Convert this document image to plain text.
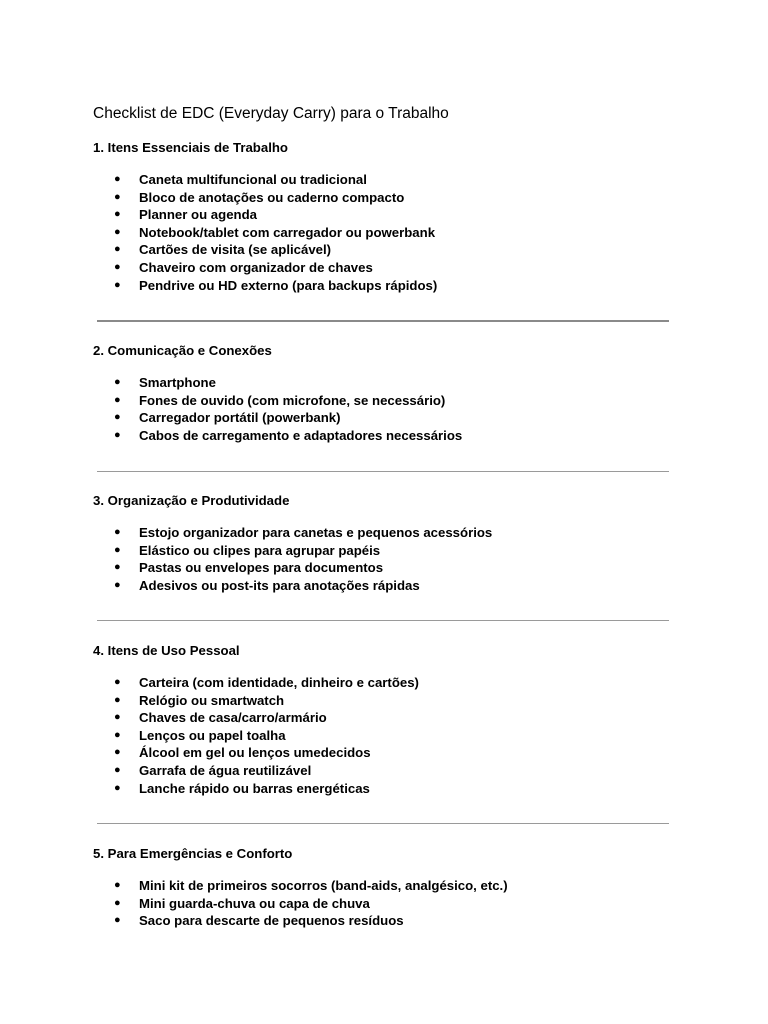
Checklist de EDC (Everyday Carry) para o Trabalho
1. Itens Essenciais de Trabalho
● Caneta multifuncional ou tradicional
● Bloco de anotações ou caderno compacto
● Planner ou agenda
● Notebook/tablet com carregador ou powerbank
● Cartões de visita (se aplicável)
● Chaveiro com organizador de chaves
● Pendrive ou HD externo (para backups rápidos)
2. Comunicação e Conexões
● Smartphone
● Fones de ouvido (com microfone, se necessário)
● Carregador portátil (powerbank)
● Cabos de carregamento e adaptadores necessários
3. Organização e Produtividade
● Estojo organizador para canetas e pequenos acessórios
● Elástico ou clipes para agrupar papéis
● Pastas ou envelopes para documentos
● Adesivos ou post-its para anotações rápidas
4. Itens de Uso Pessoal
● Carteira (com identidade, dinheiro e cartões)
● Relógio ou smartwatch
● Chaves de casa/carro/armário
● Lenços ou papel toalha
● Álcool em gel ou lenços umedecidos
● Garrafa de água reutilizável
● Lanche rápido ou barras energéticas
5. Para Emergências e Conforto
● Mini kit de primeiros socorros (band-aids, analgésico, etc.)
● Mini guarda-chuva ou capa de chuva
● Saco para descarte de pequenos resíduos
